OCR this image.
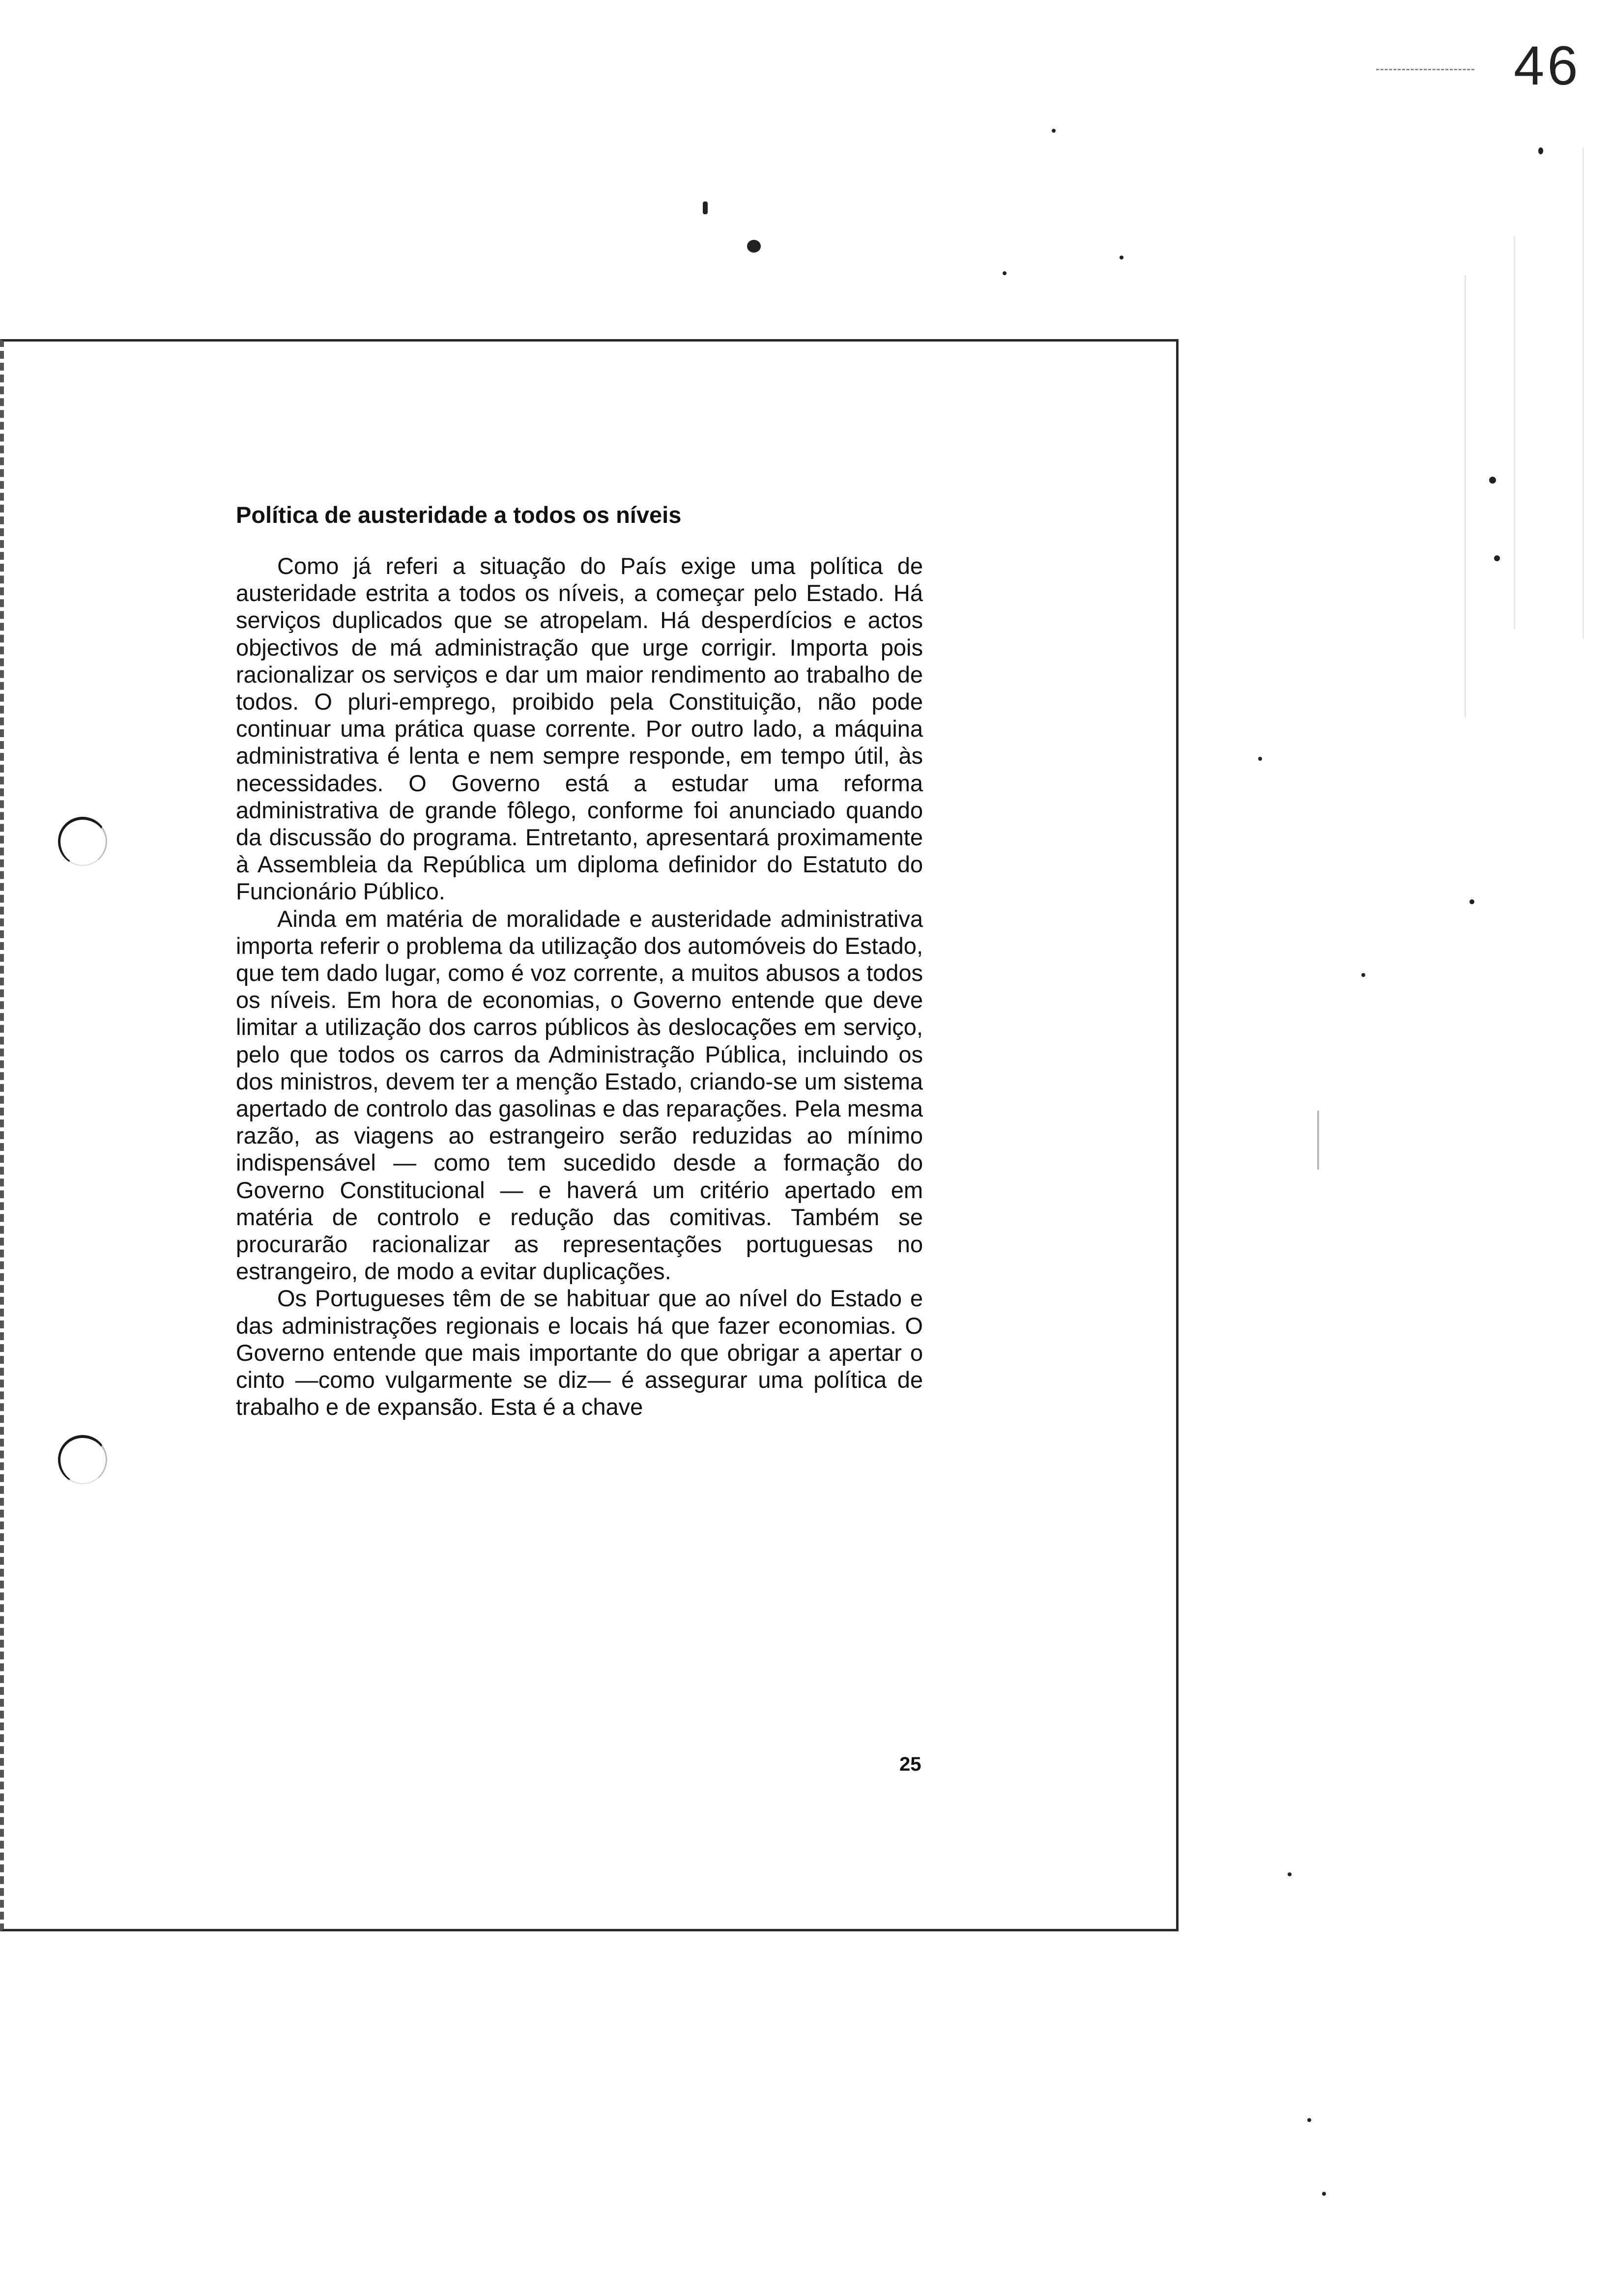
46
Política de austeridade a todos os níveis

Como já referi a situação do País exige uma política de austeridade estrita a todos os níveis, a começar pelo Estado. Há serviços duplicados que se atropelam. Há desperdícios e actos objectivos de má administração que urge corrigir. Importa pois racionalizar os serviços e dar um maior rendimento ao trabalho de todos. O pluri-emprego, proibido pela Constituição, não pode continuar uma prática quase corrente. Por outro lado, a máquina administrativa é lenta e nem sempre responde, em tempo útil, às necessidades. O Governo está a estudar uma reforma administrativa de grande fôlego, conforme foi anunciado quando da discussão do programa. Entretanto, apresentará proximamente à Assembleia da República um diploma definidor do Estatuto do Funcionário Público.

Ainda em matéria de moralidade e austeridade administrativa importa referir o problema da utilização dos automóveis do Estado, que tem dado lugar, como é voz corrente, a muitos abusos a todos os níveis. Em hora de economias, o Governo entende que deve limitar a utilização dos carros públicos às deslocações em serviço, pelo que todos os carros da Administração Pública, incluindo os dos ministros, devem ter a menção Estado, criando-se um sistema apertado de controlo das gasolinas e das reparações. Pela mesma razão, as viagens ao estrangeiro serão reduzidas ao mínimo indispensável — como tem sucedido desde a formação do Governo Constitucional — e haverá um critério apertado em matéria de controlo e redução das comitivas. Também se procurarão racionalizar as representações portuguesas no estrangeiro, de modo a evitar duplicações.

Os Portugueses têm de se habituar que ao nível do Estado e das administrações regionais e locais há que fazer economias. O Governo entende que mais importante do que obrigar a apertar o cinto —como vulgarmente se diz— é assegurar uma política de trabalho e de expansão. Esta é a chave

25
